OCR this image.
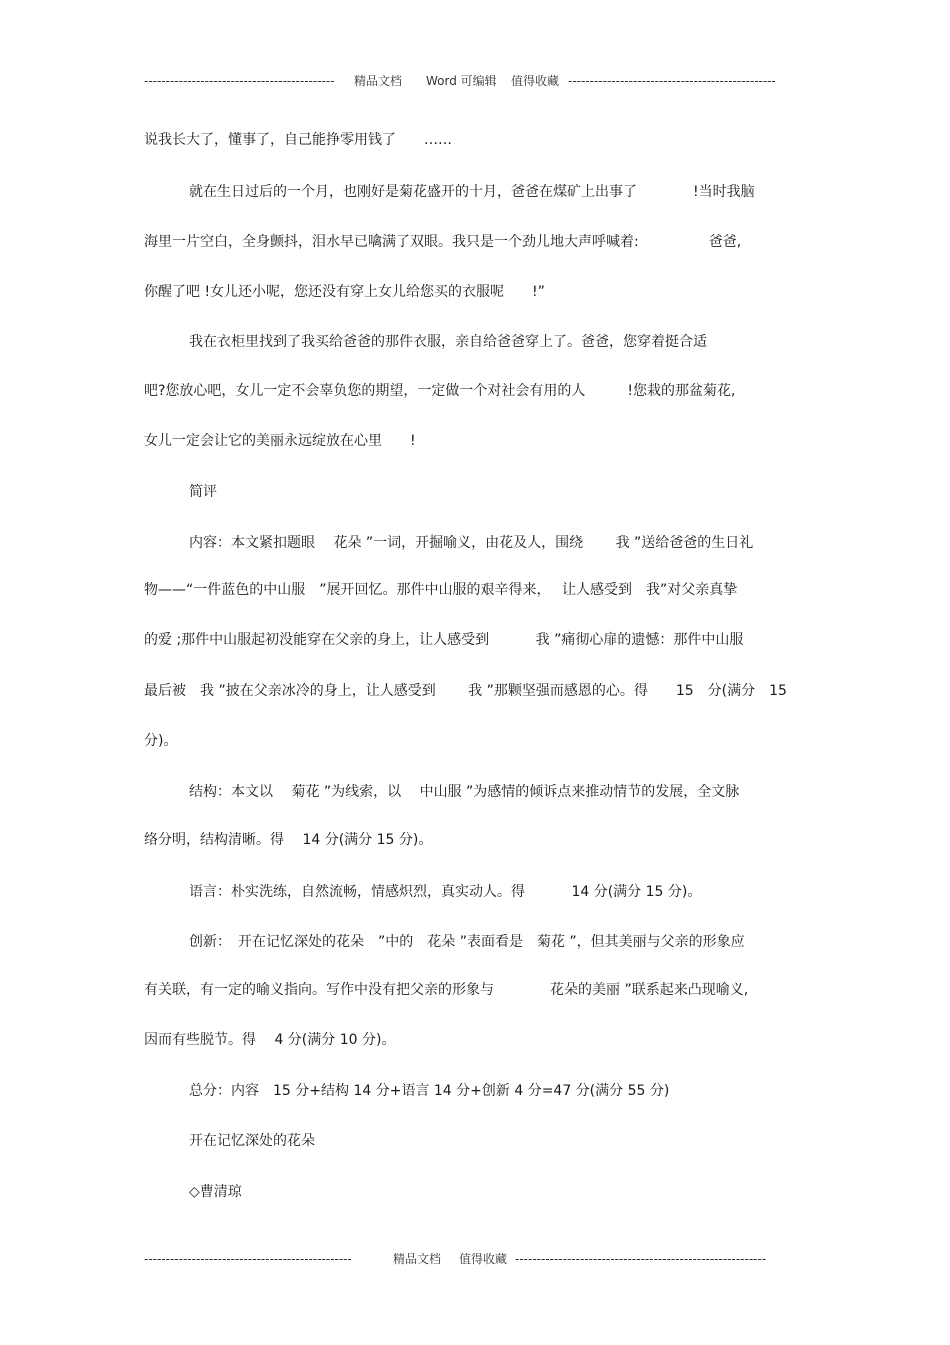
-------------------------------------------- 精品文档 Word 可编辑 值得收藏 ------------------------------------------------
说我长大了，懂事了，自己能挣零用钱了　　……
就在生日过后的一个月，也刚好是菊花盛开的十月，爸爸在煤矿上出事了　　　　!当时我脑
海里一片空白，全身颤抖，泪水早已噙满了双眼。我只是一个劲儿地大声呼喊着:　　　　　爸爸,
你醒了吧 !女儿还小呢，您还没有穿上女儿给您买的衣服呢　　!”
我在衣柜里找到了我买给爸爸的那件衣服，亲自给爸爸穿上了。爸爸，您穿着挺合适
吧?您放心吧，女儿一定不会辜负您的期望，一定做一个对社会有用的人　　　!您栽的那盆菊花,
女儿一定会让它的美丽永远绽放在心里　　!
简评
内容：本文紧扣题眼　 花朵 ”一词，开掘喻义，由花及人，围绕　　 我 ”送给爸爸的生日礼
物——“一件蓝色的中山服　”展开回忆。那件中山服的艰辛得来，　 让人感受到　我”对父亲真挚
的爱 ;那件中山服起初没能穿在父亲的身上，让人感受到　　　 我 ”痛彻心扉的遗憾：那件中山服
最后被　我 ”披在父亲冰冷的身上，让人感受到　　 我 ”那颗坚强而感恩的心。得　　15　分(满分　15
分)。
结构：本文以　 菊花 ”为线索，以　 中山服 ”为感情的倾诉点来推动情节的发展，全文脉
络分明，结构清晰。得　 14 分(满分 15 分)。
语言：朴实洗练，自然流畅，情感炽烈，真实动人。得　　　 14 分(满分 15 分)。
创新：　开在记忆深处的花朵　”中的　花朵 ”表面看是　菊花 ”，但其美丽与父亲的形象应
有关联，有一定的喻义指向。写作中没有把父亲的形象与　　　　花朵的美丽 ”联系起来凸现喻义,
因而有些脱节。得　 4 分(满分 10 分)。
总分：内容　15 分+结构 14 分+语言 14 分+创新 4 分=47 分(满分 55 分)
开在记忆深处的花朵
◇曹清琼
------------------------------------------------	精品文档 值得收藏 ----------------------------------------------------------
